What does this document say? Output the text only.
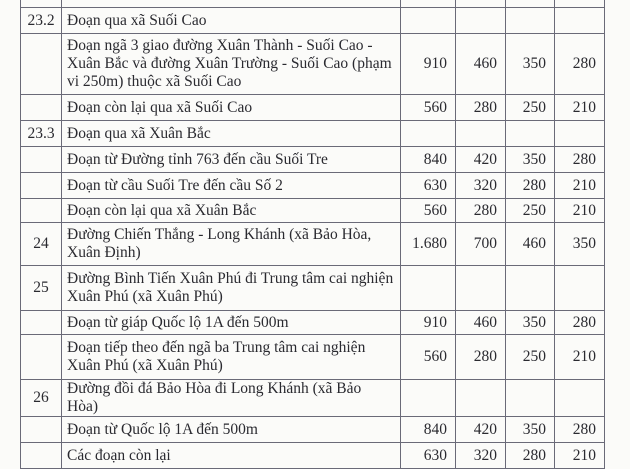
23.2	Đoạn qua xã Suối Cao				
	Đoạn ngã 3 giao đường Xuân Thành - Suối Cao - Xuân Bắc và đường Xuân Trường - Suối Cao (phạm vi 250m) thuộc xã Suối Cao	910	460	350	280
	Đoạn còn lại qua xã Suối Cao	560	280	250	210
23.3	Đoạn qua xã Xuân Bắc				
	Đoạn từ Đường tỉnh 763 đến cầu Suối Tre	840	420	350	280
	Đoạn từ cầu Suối Tre đến cầu Số 2	630	320	280	210
	Đoạn còn lại qua xã Xuân Bắc	560	280	250	210
24	Đường Chiến Thắng - Long Khánh (xã Bảo Hòa, Xuân Định)	1.680	700	460	350
25	Đường Bình Tiến Xuân Phú đi Trung tâm cai nghiện Xuân Phú (xã Xuân Phú)				
	Đoạn từ giáp Quốc lộ 1A đến 500m	910	460	350	280
	Đoạn tiếp theo đến ngã ba Trung tâm cai nghiện Xuân Phú (xã Xuân Phú)	560	280	250	210
26	Đường đồi đá Bảo Hòa đi Long Khánh (xã Bảo Hòa)				
	Đoạn từ Quốc lộ 1A đến 500m	840	420	350	280
	Các đoạn còn lại	630	320	280	210
